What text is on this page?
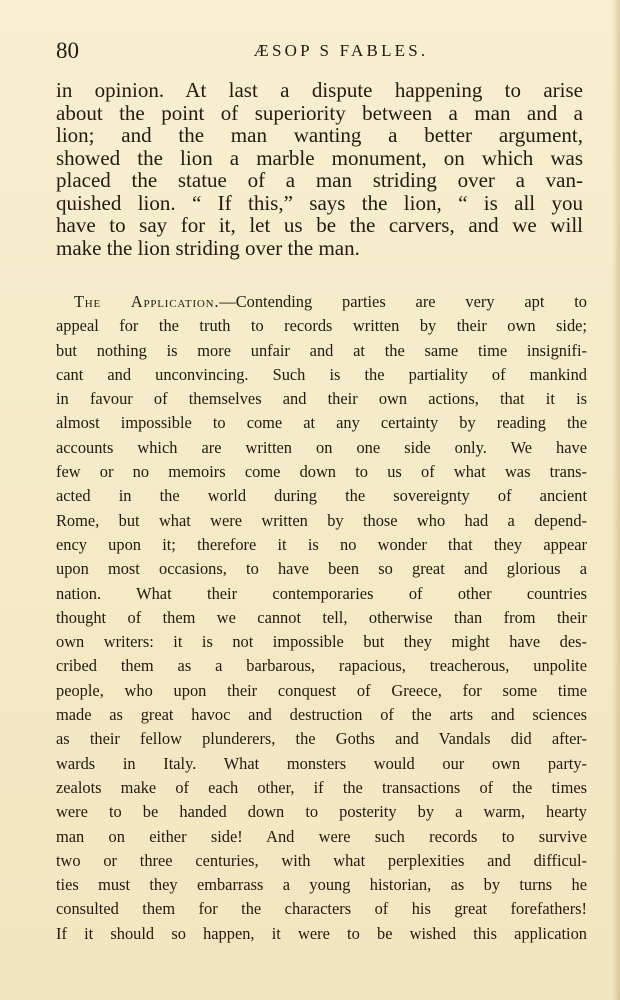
80	ÆSOP S FABLES.
in opinion. At last a dispute happening to arise
about the point of superiority between a man and a
lion; and the man wanting a better argument,
showed the lion a marble monument, on which was
placed the statue of a man striding over a van-
quished lion. “ If this,” says the lion, “ is all you
have to say for it, let us be the carvers, and we will
make the lion striding over the man.
The Application.—Contending parties are very apt to
appeal for the truth to records written by their own side;
but nothing is more unfair and at the same time insignifi-
cant and unconvincing. Such is the partiality of mankind
in favour of themselves and their own actions, that it is
almost impossible to come at any certainty by reading the
accounts which are written on one side only. We have
few or no memoirs come down to us of what was trans-
acted in the world during the sovereignty of ancient
Rome, but what were written by those who had a depend-
ency upon it; therefore it is no wonder that they appear
upon most occasions, to have been so great and glorious a
nation. What their contemporaries of other countries
thought of them we cannot tell, otherwise than from their
own writers: it is not impossible but they might have des-
cribed them as a barbarous, rapacious, treacherous, unpolite
people, who upon their conquest of Greece, for some time
made as great havoc and destruction of the arts and sciences
as their fellow plunderers, the Goths and Vandals did after-
wards in Italy. What monsters would our own party-
zealots make of each other, if the transactions of the times
were to be handed down to posterity by a warm, hearty
man on either side! And were such records to survive
two or three centuries, with what perplexities and difficul-
ties must they embarrass a young historian, as by turns he
consulted them for the characters of his great forefathers!
If it should so happen, it were to be wished this application
